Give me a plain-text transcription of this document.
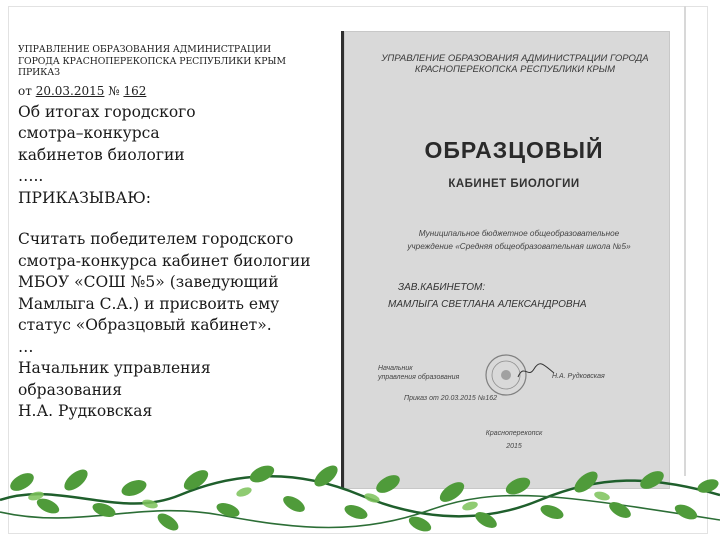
УПРАВЛЕНИЕ ОБРАЗОВАНИЯ АДМИНИСТРАЦИИ
ГОРОДА КРАСНОПЕРЕКОПСКА РЕСПУБЛИКИ КРЫМ
ПРИКАЗ
от 20.03.2015 № 162
Об итогах городского
смотра–конкурса
кабинетов биологии
…..
ПРИКАЗЫВАЮ:
Считать победителем городского
смотра-конкурса кабинет биологии
МБОУ «СОШ №5» (заведующий
Мамлыга С.А.) и присвоить ему
статус «Образцовый кабинет».
…
Начальник управления
образования
Н.А. Рудковская
УПРАВЛЕНИЕ ОБРАЗОВАНИЯ АДМИНИСТРАЦИИ ГОРОДА
КРАСНОПЕРЕКОПСКА РЕСПУБЛИКИ КРЫМ
ОБРАЗЦОВЫЙ
КАБИНЕТ БИОЛОГИИ
Муниципальное бюджетное общеобразовательное
учреждение «Средняя общеобразовательная школа №5»
ЗАВ.КАБИНЕТОМ:
МАМЛЫГА СВЕТЛАНА АЛЕКСАНДРОВНА
Начальник
управления образования	Н.А. Рудковская
Приказ от 20.03.2015 №162
Красноперекопск
2015
